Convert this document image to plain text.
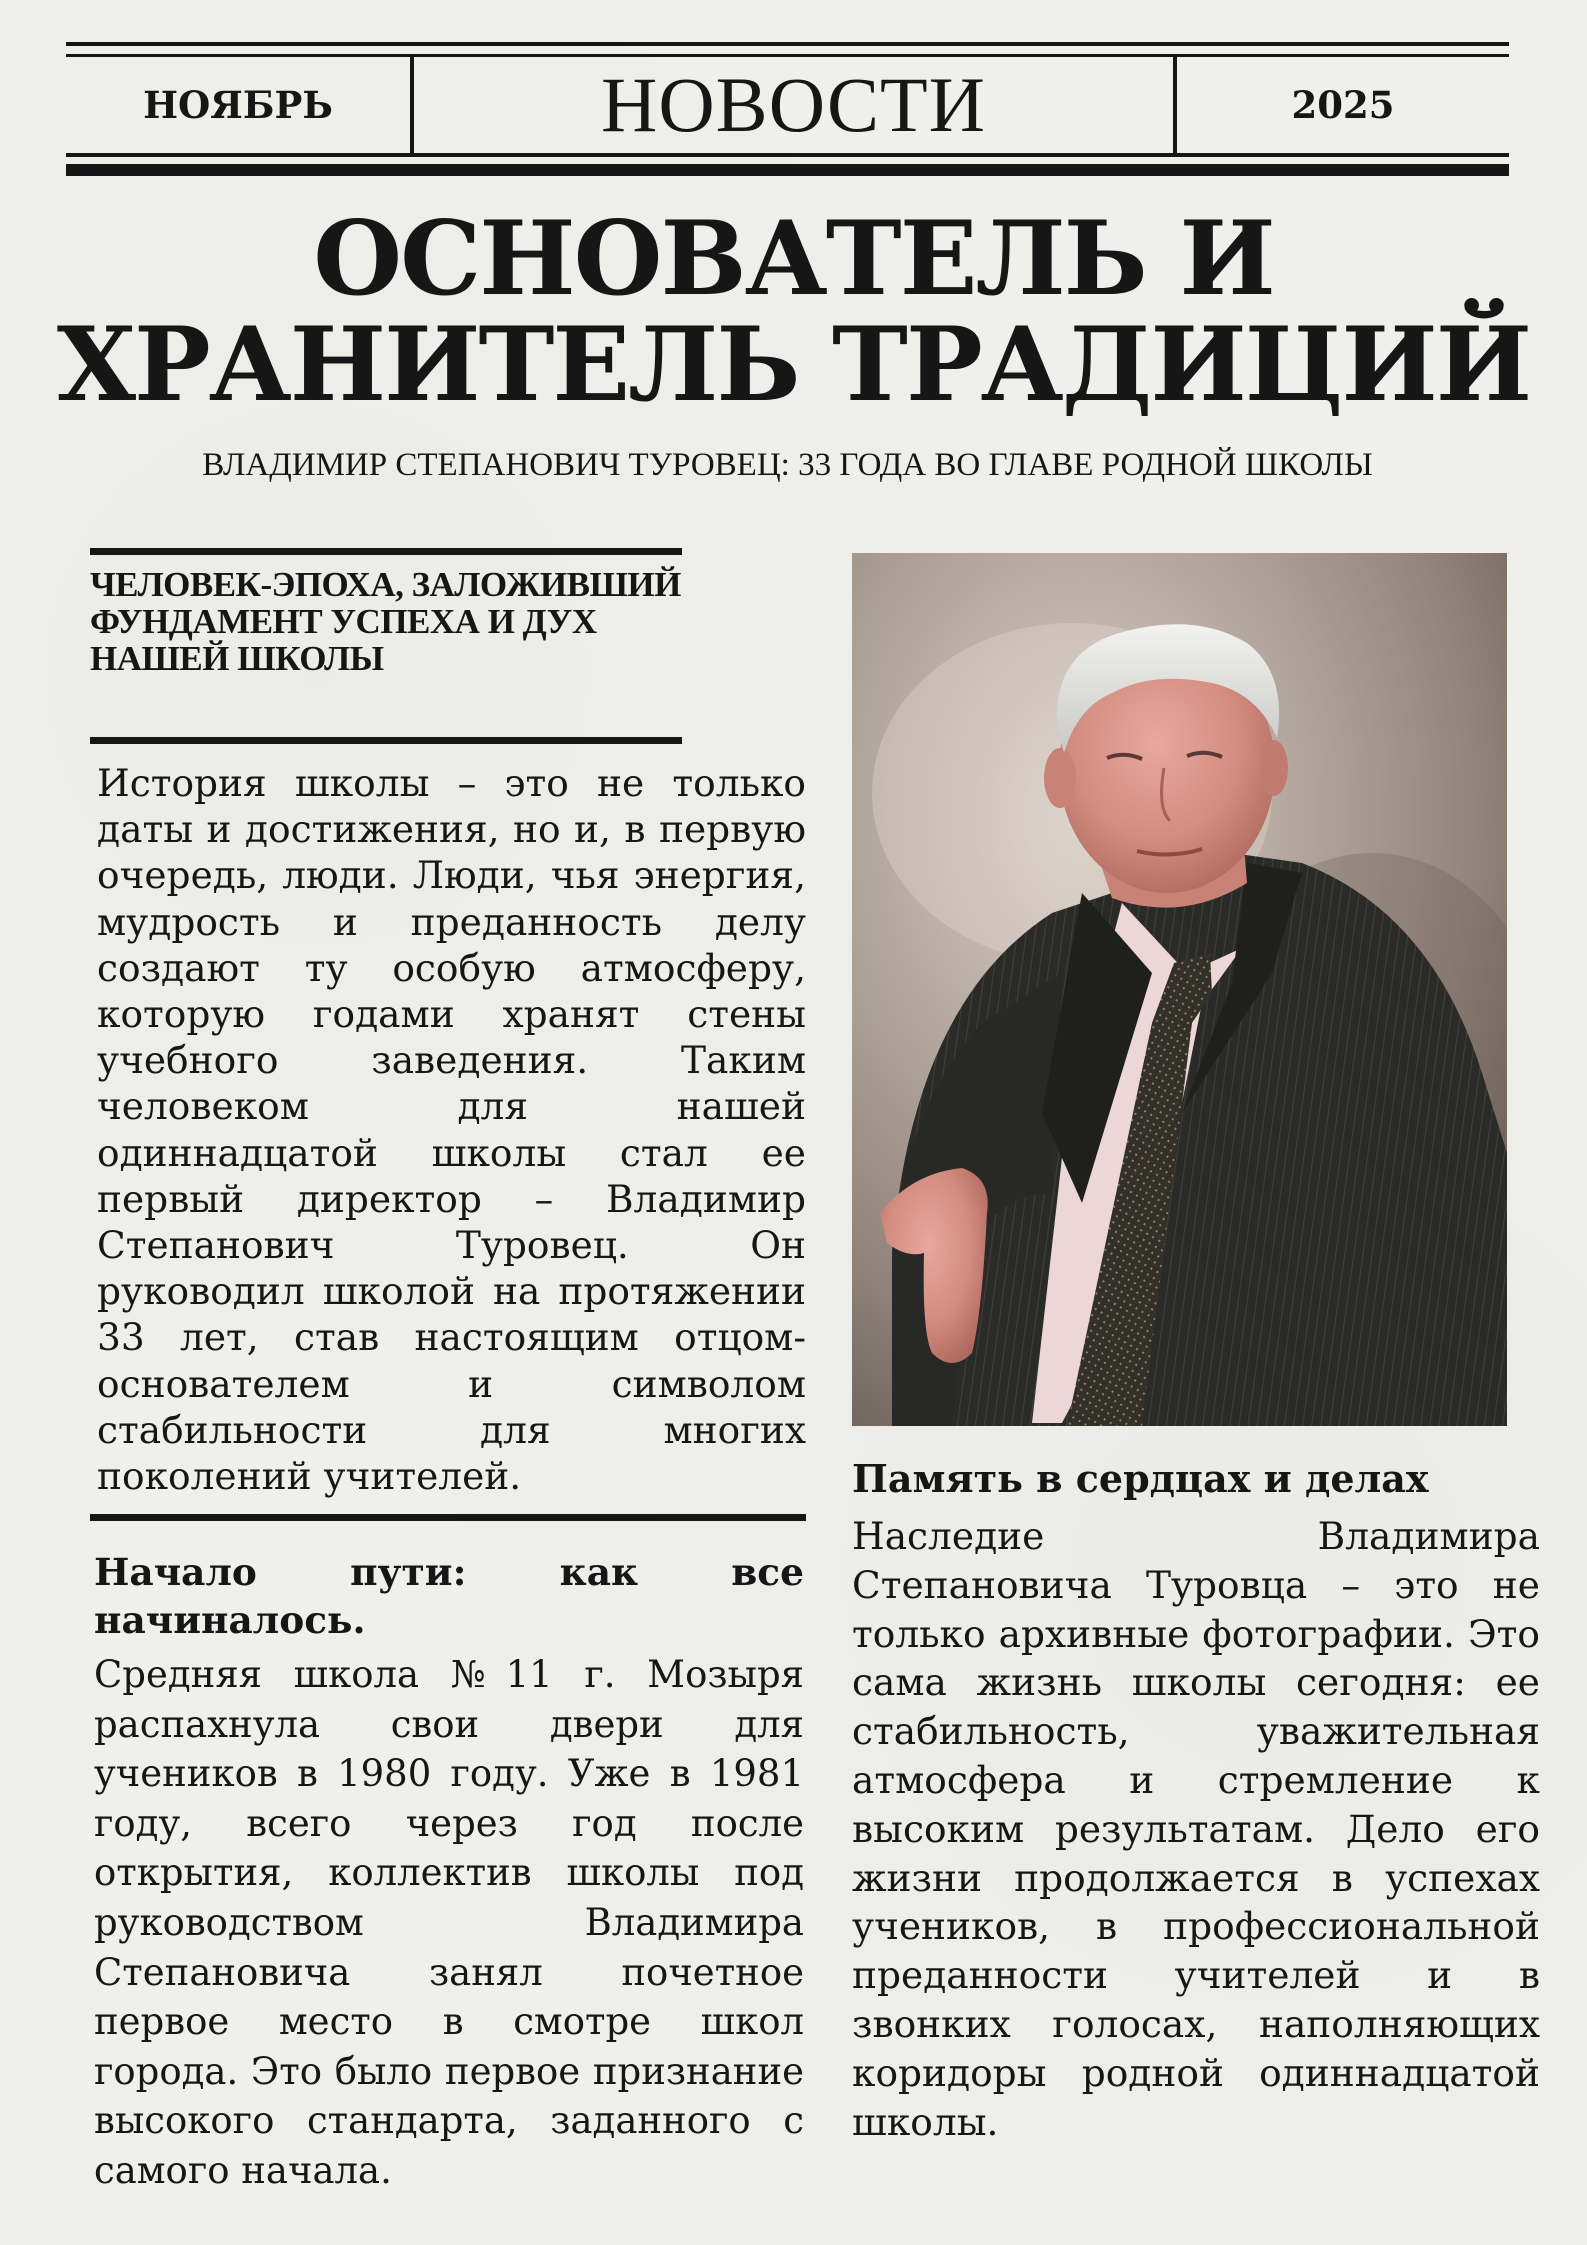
НОЯБРЬ	НОВОСТИ	2025
ОСНОВАТЕЛЬ И
ХРАНИТЕЛЬ ТРАДИЦИЙ
ВЛАДИМИР СТЕПАНОВИЧ ТУРОВЕЦ: 33 ГОДА ВО ГЛАВЕ РОДНОЙ ШКОЛЫ
ЧЕЛОВЕК-ЭПОХА, ЗАЛОЖИВШИЙ ФУНДАМЕНТ УСПЕХА И ДУХ НАШЕЙ ШКОЛЫ

История школы – это не только даты и достижения, но и, в первую очередь, люди. Люди, чья энергия, мудрость и преданность делу создают ту особую атмосферу, которую годами хранят стены учебного заведения. Таким человеком для нашей одиннадцатой школы стал ее первый директор – Владимир Степанович Туровец. Он руководил школой на протяжении 33 лет, став настоящим отцом-основателем и символом стабильности для многих поколений учителей.

Начало пути: как все начиналось.

Средняя школа №11 г. Мозыря распахнула свои двери для учеников в 1980 году. Уже в 1981 году, всего через год после открытия, коллектив школы под руководством Владимира Степановича занял почетное первое место в смотре школ города. Это было первое признание высокого стандарта, заданного с самого начала.

Память в сердцах и делах

Наследие Владимира Степановича Туровца – это не только архивные фотографии. Это сама жизнь школы сегодня: ее стабильность, уважительная атмосфера и стремление к высоким результатам. Дело его жизни продолжается в успехах учеников, в профессиональной преданности учителей и в звонких голосах, наполняющих коридоры родной одиннадцатой школы.
